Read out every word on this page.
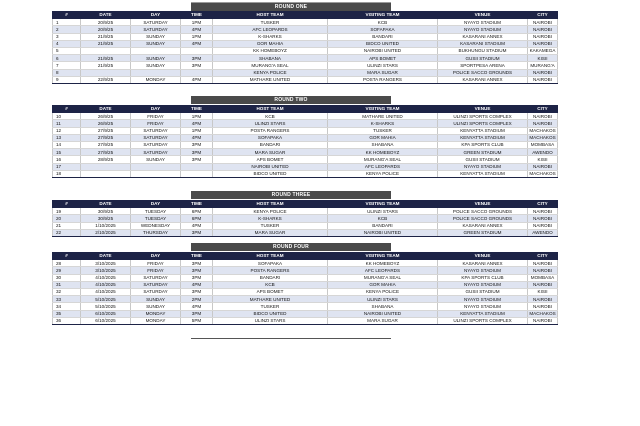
ROUND ONE
#	DATE	DAY	TIME	HOST TEAM	VISITING TEAM	VENUE	CITY
1	20/9/25	SATURDAY	1PM	TUSKER	KCB	NYAYO STADIUM	NAIROBI
2	20/9/25	SATURDAY	4PM	AFC LEOPARDS	SOFAPAKA	NYAYO STADIUM	NAIROBI
3	21/9/25	SUNDAY	1PM	K-SHARKS	BANDARI	KASARANI ANNEX	NAIROBI
4	21/9/25	SUNDAY	4PM	GOR MAHIA	BIDCO UNITED	KASARANI STADIUM	NAIROBI
5				KK HOMEBOYZ	NAIROBI UNITED	BUKHUNGU STADIUM	KAKAMEGA
6	21/9/25	SUNDAY	3PM	SHABANA	APS BOMET	GUSII STADIUM	KISII
7	21/9/25	SUNDAY	3PM	MURANG'A SEAL	ULINZI STARS	SPORTPESA ARENA	MURANG'A
8				KENYA POLICE	MARA SUGAR	POLICE SACCO GROUNDS	NAIROBI
9	22/9/25	MONDAY	4PM	MATHARE UNITED	POSTA RANGERS	KASARANI ANNEX	NAIROBI
ROUND TWO
#	DATE	DAY	TIME	HOST TEAM	VISITING TEAM	VENUE	CITY
10	26/9/25	FRIDAY	1PM	KCB	MATHARE UNITED	ULINZI SPORTS COMPLEX	NAIROBI
11	26/9/25	FRIDAY	4PM	ULINZI STARS	K-SHARKS	ULINZI SPORTS COMPLEX	NAIROBI
12	27/9/25	SATURDAY	1PM	POSTA RANGERS	TUSKER	KENYATTA STADIUM	MACHAKOS
13	27/9/25	SATURDAY	4PM	SOFAPAKA	GOR MAHIA	KENYATTA STADIUM	MACHAKOS
14	27/9/25	SATURDAY	3PM	BANDARI	SHABANA	KPA SPORTS CLUB	MOMBASA
15	27/9/25	SATURDAY	3PM	MARA SUGAR	KK HOMEBOYZ	GREEN STADIUM	AWENDO
16	28/9/25	SUNDAY	3PM	APS BOMET	MURANG'A SEAL	GUSII STADIUM	KISII
17				NAIROBI UNITED	AFC LEOPARDS	NYAYO STADIUM	NAIROBI
18				BIDCO UNITED	KENYA POLICE	KENYATTA STADIUM	MACHAKOS
ROUND THREE
#	DATE	DAY	TIME	HOST TEAM	VISITING TEAM	VENUE	CITY
19	30/9/25	TUESDAY	6PM	KENYA POLICE	ULINZI STARS	POLICE SACCO GROUNDS	NAIROBI
20	30/9/25	TUESDAY	6PM	K-SHARKS	KCB	POLICE SACCO GROUNDS	NAIROBI
21	1/10/2025	WEDNESDAY	4PM	TUSKER	BANDARI	KASARANI ANNEX	NAIROBI
22	2/10/2025	THURSDAY	3PM	MARA SUGAR	NAIROBI UNITED	GREEN STADIUM	AWENDO
ROUND FOUR
#	DATE	DAY	TIME	HOST TEAM	VISITING TEAM	VENUE	CITY
28	3/10/2025	FRIDAY	3PM	SOFAPAKA	KK HOMEBOYZ	KASARANI ANNEX	NAIROBI
29	3/10/2025	FRIDAY	3PM	POSTA RANGERS	AFC LEOPARDS	NYAYO STADIUM	NAIROBI
30	4/10/2025	SATURDAY	3PM	BANDARI	MURANG'A SEAL	KPA SPORTS CLUB	MOMBASA
31	4/10/2025	SATURDAY	4PM	KCB	GOR MAHIA	NYAYO STADIUM	NAIROBI
32	4/10/2025	SATURDAY	3PM	APS BOMET	KENYA POLICE	GUSII STADIUM	KISII
33	5/10/2025	SUNDAY	2PM	MATHARE UNITED	ULINZI STARS	NYAYO STADIUM	NAIROBI
34	5/10/2025	SUNDAY	4PM	TUSKER	SHABANA	NYAYO STADIUM	NAIROBI
35	6/10/2025	MONDAY	3PM	BIDCO UNITED	NAIROBI UNITED	KENYATTA STADIUM	MACHAKOS
36	6/10/2025	MONDAY	5PM	ULINZI STARS	MARA SUGAR	ULINZI SPORTS COMPLEX	NAIROBI
